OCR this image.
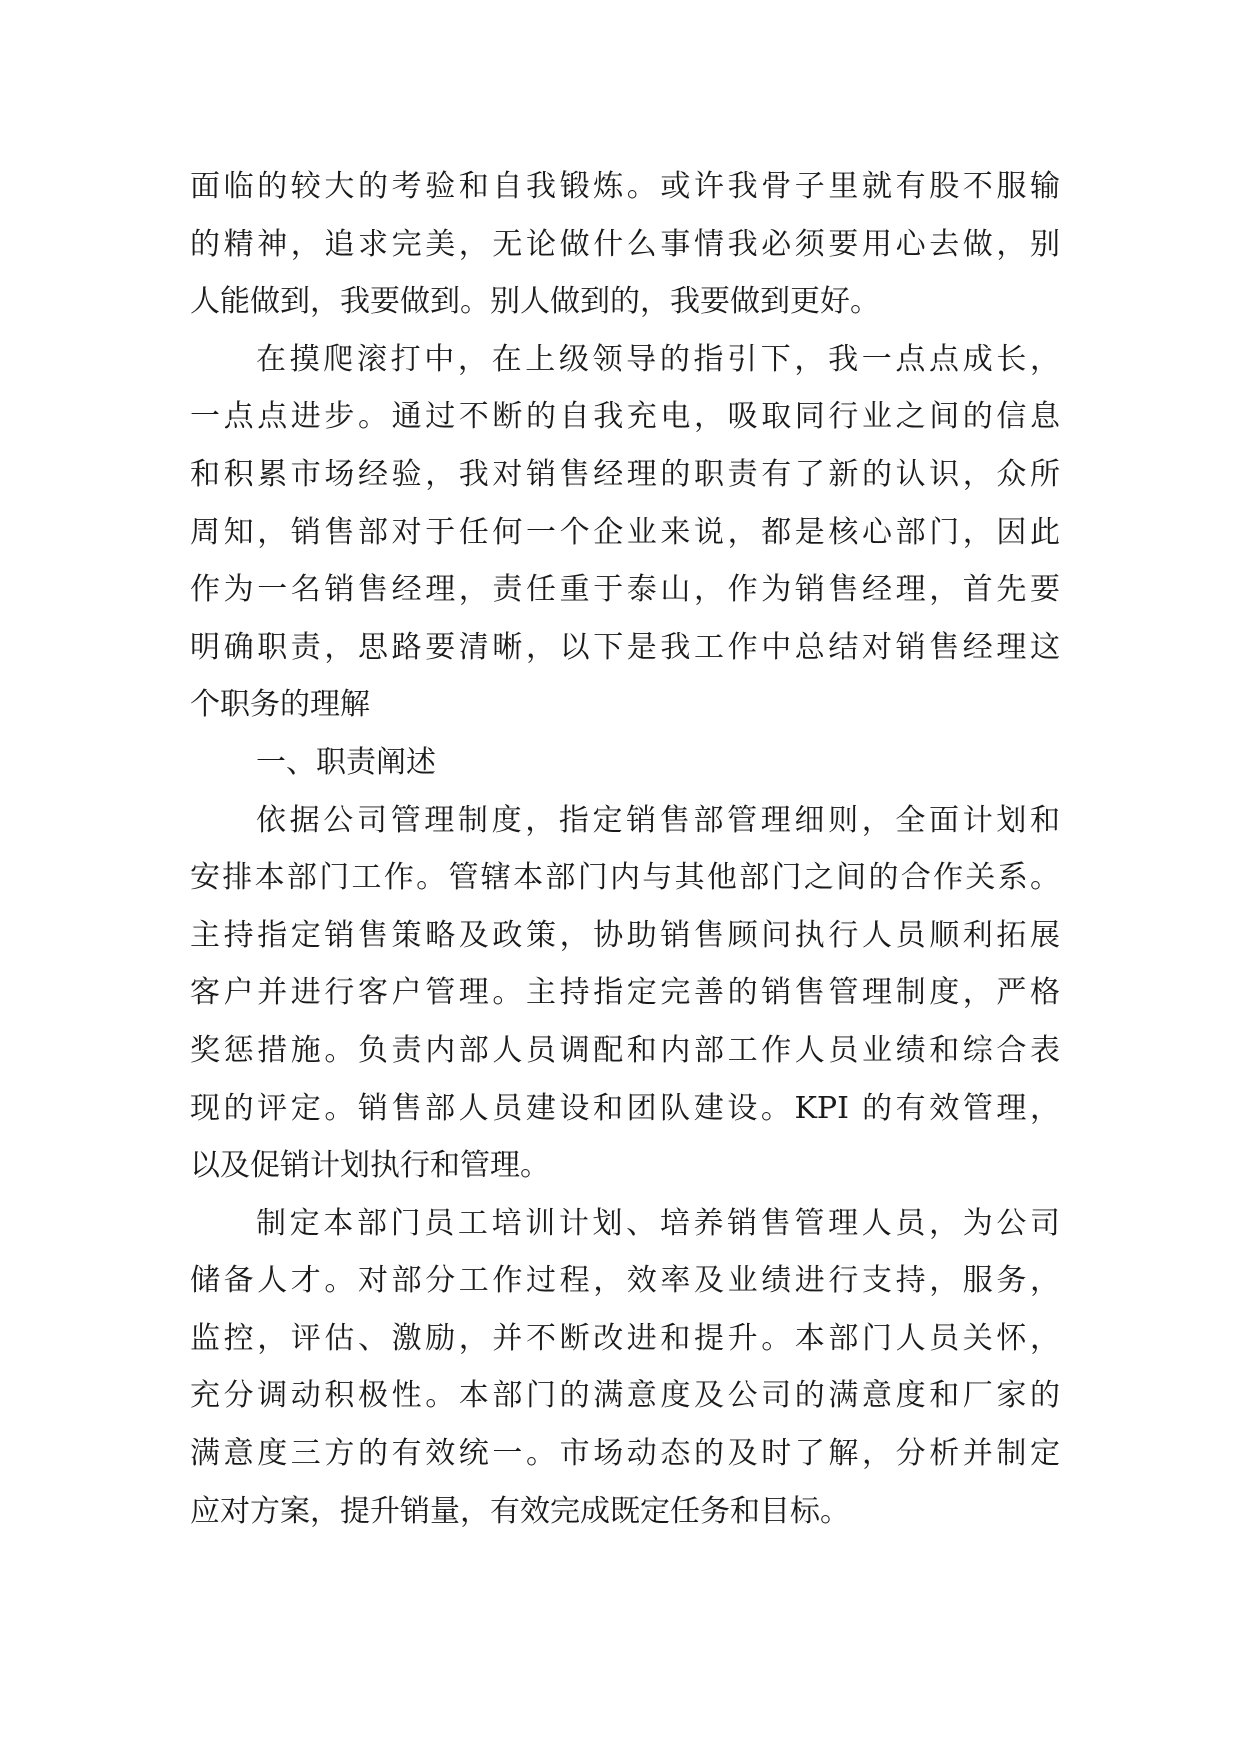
面临的较大的考验和自我锻炼。或许我骨子里就有股不服输
的精神，追求完美，无论做什么事情我必须要用心去做，别
人能做到，我要做到。别人做到的，我要做到更好。
在摸爬滚打中，在上级领导的指引下，我一点点成长，
一点点进步。通过不断的自我充电，吸取同行业之间的信息
和积累市场经验，我对销售经理的职责有了新的认识，众所
周知，销售部对于任何一个企业来说，都是核心部门，因此
作为一名销售经理，责任重于泰山，作为销售经理，首先要
明确职责，思路要清晰，以下是我工作中总结对销售经理这
个职务的理解
一、职责阐述
依据公司管理制度，指定销售部管理细则，全面计划和
安排本部门工作。管辖本部门内与其他部门之间的合作关系。
主持指定销售策略及政策，协助销售顾问执行人员顺利拓展
客户并进行客户管理。主持指定完善的销售管理制度，严格
奖惩措施。负责内部人员调配和内部工作人员业绩和综合表
现的评定。销售部人员建设和团队建设。KPI 的有效管理，
以及促销计划执行和管理。
制定本部门员工培训计划、培养销售管理人员，为公司
储备人才。对部分工作过程，效率及业绩进行支持，服务，
监控，评估、激励，并不断改进和提升。本部门人员关怀，
充分调动积极性。本部门的满意度及公司的满意度和厂家的
满意度三方的有效统一。市场动态的及时了解，分析并制定
应对方案，提升销量，有效完成既定任务和目标。
